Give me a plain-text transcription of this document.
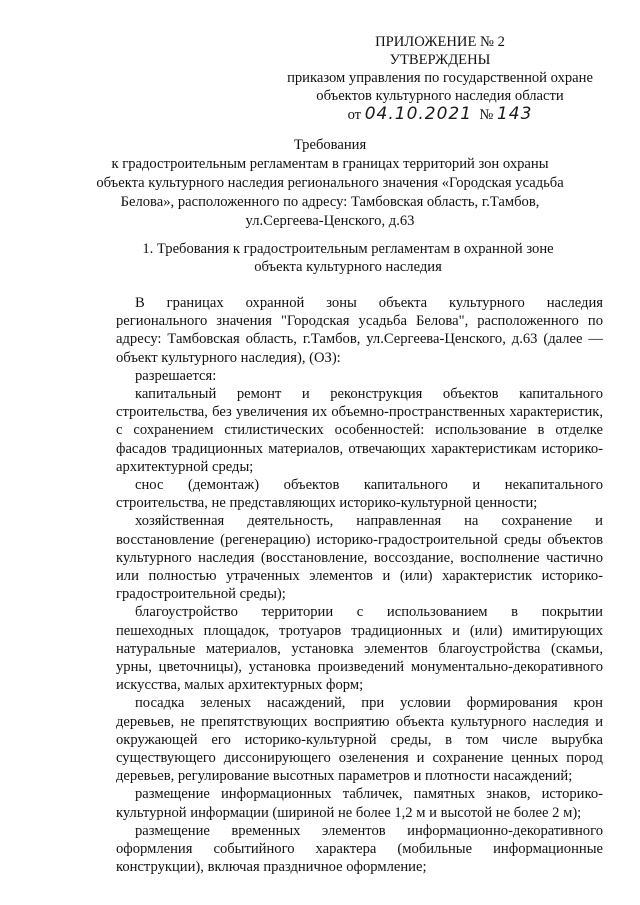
ПРИЛОЖЕНИЕ № 2
УТВЕРЖДЕНЫ
приказом управления по государственной охране
объектов культурного наследия области
от 04.10.2021 № 143
Требования
к градостроительным регламентам в границах территорий зон охраны
объекта культурного наследия регионального значения «Городская усадьба
Белова», расположенного по адресу: Тамбовская область, г.Тамбов,
ул.Сергеева-Ценского, д.63
1. Требования к градостроительным регламентам в охранной зоне
объекта культурного наследия
В границах охранной зоны объекта культурного наследия
регионального значения "Городская усадьба Белова", расположенного по
адресу: Тамбовская область, г.Тамбов, ул.Сергеева-Ценского, д.63 (далее —
объект культурного наследия), (ОЗ):
разрешается:
капитальный ремонт и реконструкция объектов капитального
строительства, без увеличения их объемно-пространственных характеристик,
с сохранением стилистических особенностей: использование в отделке
фасадов традиционных материалов, отвечающих характеристикам историко-
архитектурной среды;
снос (демонтаж) объектов капитального и некапитального
строительства, не представляющих историко-культурной ценности;
хозяйственная деятельность, направленная на сохранение и
восстановление (регенерацию) историко-градостроительной среды объектов
культурного наследия (восстановление, воссоздание, восполнение частично
или полностью утраченных элементов и (или) характеристик историко-
градостроительной среды);
благоустройство территории с использованием в покрытии
пешеходных площадок, тротуаров традиционных и (или) имитирующих
натуральные материалов, установка элементов благоустройства (скамьи,
урны, цветочницы), установка произведений монументально-декоративного
искусства, малых архитектурных форм;
посадка зеленых насаждений, при условии формирования крон
деревьев, не препятствующих восприятию объекта культурного наследия и
окружающей его историко-культурной среды, в том числе вырубка
существующего диссонирующего озеленения и сохранение ценных пород
деревьев, регулирование высотных параметров и плотности насаждений;
размещение информационных табличек, памятных знаков, историко-
культурной информации (шириной не более 1,2 м и высотой не более 2 м);
размещение временных элементов информационно-декоративного
оформления событийного характера (мобильные информационные
конструкции), включая праздничное оформление;
